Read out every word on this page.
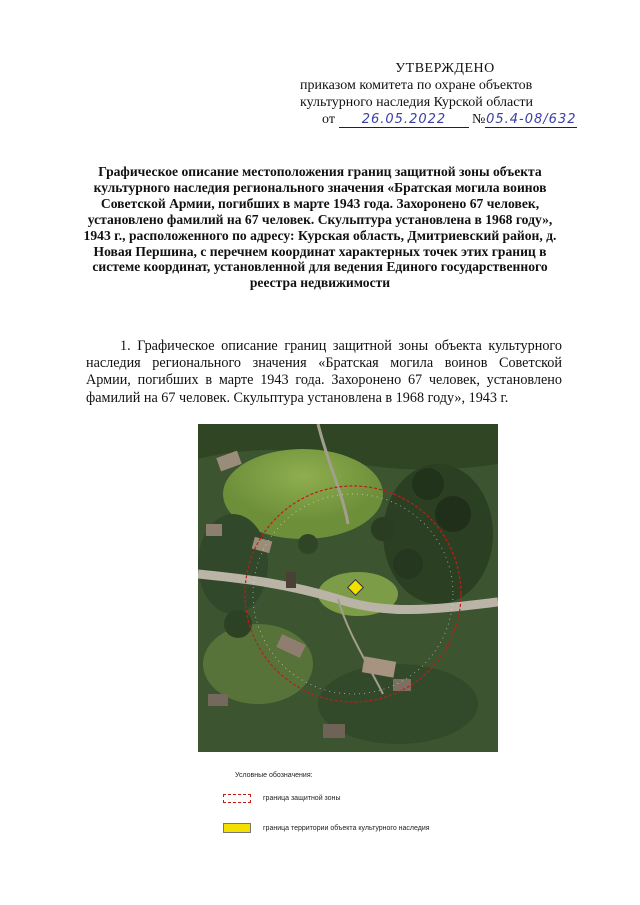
УТВЕРЖДЕНО
приказом комитета по охране объектов
культурного наследия Курской области
от	26.05.2022	№ 05.4-08/632
Графическое описание местоположения границ защитной зоны объекта культурного наследия регионального значения «Братская могила воинов Советской Армии, погибших в марте 1943 года. Захоронено 67 человек, установлено фамилий на 67 человек. Скульптура установлена в 1968 году», 1943 г., расположенного по адресу: Курская область, Дмитриевский район, д. Новая Першина, с перечнем координат характерных точек этих границ в системе координат, установленной для ведения Единого государственного реестра недвижимости
1. Графическое описание границ защитной зоны объекта культурного наследия регионального значения «Братская могила воинов Советской Армии, погибших в марте 1943 года. Захоронено 67 человек, установлено фамилий на 67 человек. Скульптура установлена в 1968 году», 1943 г.
Условные обозначения:
граница защитной зоны
граница территории объекта культурного наследия
